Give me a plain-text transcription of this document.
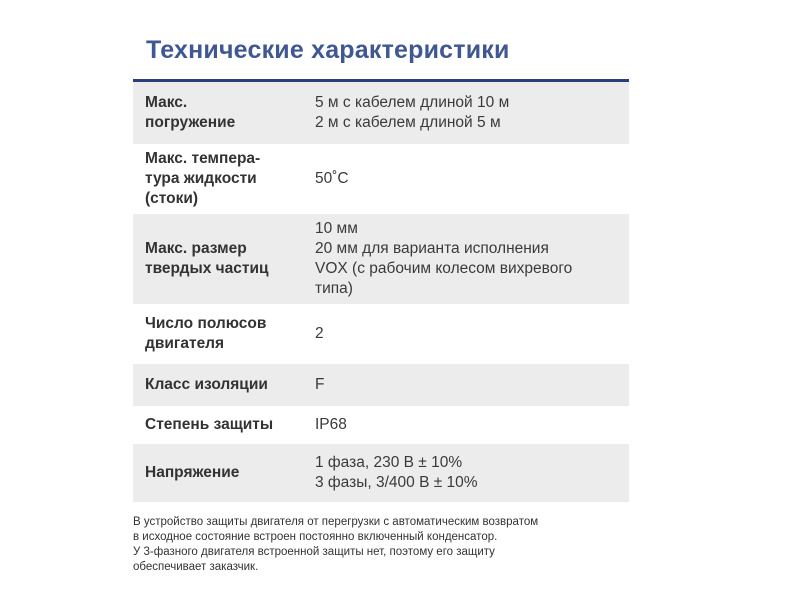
Технические характеристики
Макс.
погружение
5 м с кабелем длиной 10 м
2 м с кабелем длиной 5 м
Макс. темпера-
тура жидкости
(стоки)
50˚C
Макс. размер
твердых частиц
10 мм
20 мм для варианта исполнения
VOX (с рабочим колесом вихревого
типа)
Число полюсов
двигателя
2
Класс изоляции	F
Степень защиты	IP68
Напряжение
1 фаза, 230 В ± 10%
3 фазы, 3/400 В ± 10%
В устройство защиты двигателя от перегрузки с автоматическим возвратом
в исходное состояние встроен постоянно включенный конденсатор.
У 3-фазного двигателя встроенной защиты нет, поэтому его защиту
обеспечивает заказчик.
